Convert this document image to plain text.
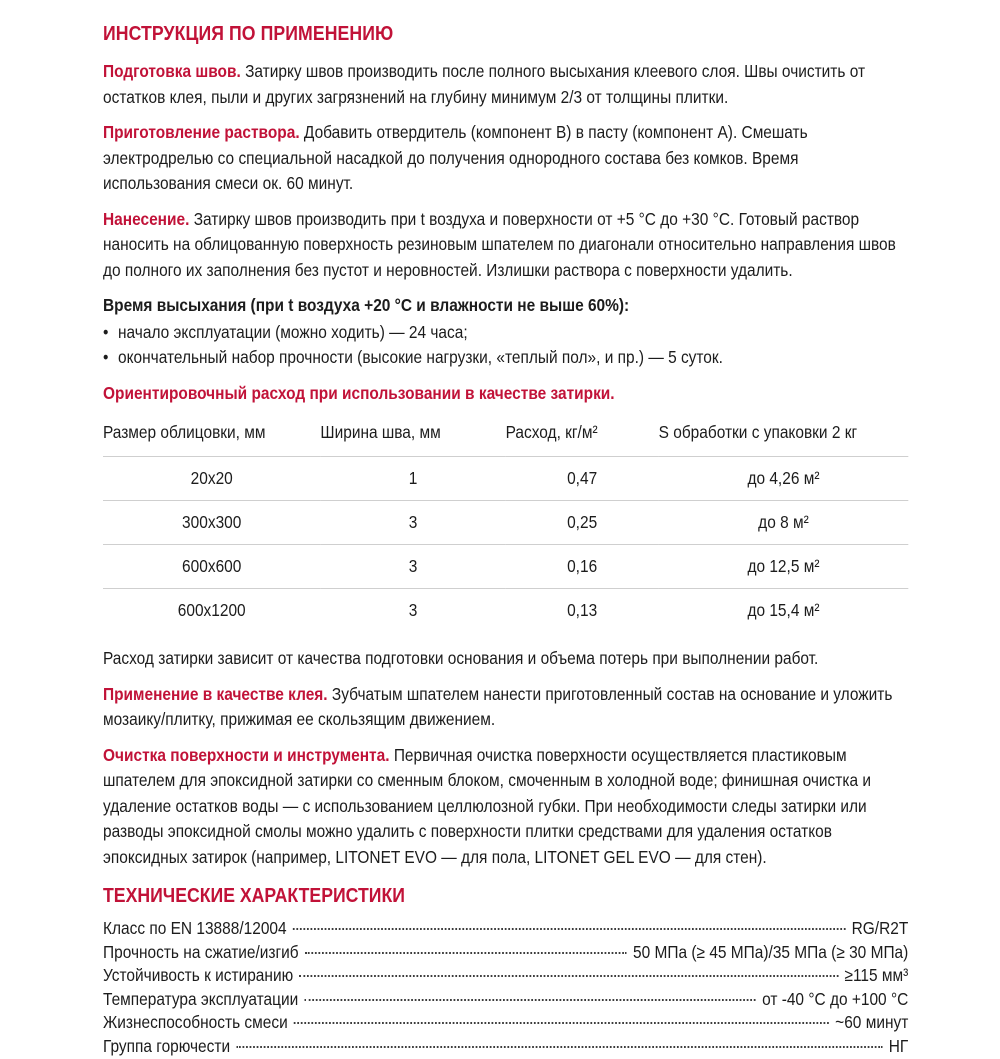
ИНСТРУКЦИЯ ПО ПРИМЕНЕНИЮ

Подготовка швов. Затирку швов производить после полного высыхания клеевого слоя. Швы очистить от остатков клея, пыли и других загрязнений на глубину минимум 2/3 от толщины плитки.

Приготовление раствора. Добавить отвердитель (компонент B) в пасту (компонент A). Смешать электродрелью со специальной насадкой до получения однородного состава без комков. Время использования смеси ок. 60 минут.

Нанесение. Затирку швов производить при t воздуха и поверхности от +5 °C до +30 °C. Готовый раствор наносить на облицованную поверхность резиновым шпателем по диагонали относительно направления швов до полного их заполнения без пустот и неровностей. Излишки раствора с поверхности удалить.

Время высыхания (при t воздуха +20 °C и влажности не выше 60%):

• начало эксплуатации (можно ходить) — 24 часа;
• окончательный набор прочности (высокие нагрузки, «теплый пол», и пр.) — 5 суток.

Ориентировочный расход при использовании в качестве затирки.

Размер облицовки, мм	Ширина шва, мм	Расход, кг/м²	S обработки с упаковки 2 кг
20x20	1	0,47	до 4,26 м²
300x300	3	0,25	до 8 м²
600x600	3	0,16	до 12,5 м²
600x1200	3	0,13	до 15,4 м²

Расход затирки зависит от качества подготовки основания и объема потерь при выполнении работ.

Применение в качестве клея. Зубчатым шпателем нанести приготовленный состав на основание и уложить мозаику/плитку, прижимая ее скользящим движением.

Очистка поверхности и инструмента. Первичная очистка поверхности осуществляется пластиковым шпателем для эпоксидной затирки со сменным блоком, смоченным в холодной воде; финишная очистка и удаление остатков воды — с использованием целлюлозной губки. При необходимости следы затирки или разводы эпоксидной смолы можно удалить с поверхности плитки средствами для удаления остатков эпоксидных затирок (например, LITONET EVO — для пола, LITONET GEL EVO — для стен).

ТЕХНИЧЕСКИЕ ХАРАКТЕРИСТИКИ
Класс по EN 13888/12004	RG/R2T
Прочность на сжатие/изгиб	50 МПа (≥ 45 МПа)/35 МПа (≥ 30 МПа)
Устойчивость к истиранию	≥115 мм³
Температура эксплуатации	от -40 °C до +100 °C
Жизнеспособность смеси	~60 минут
Группа горючести	НГ
